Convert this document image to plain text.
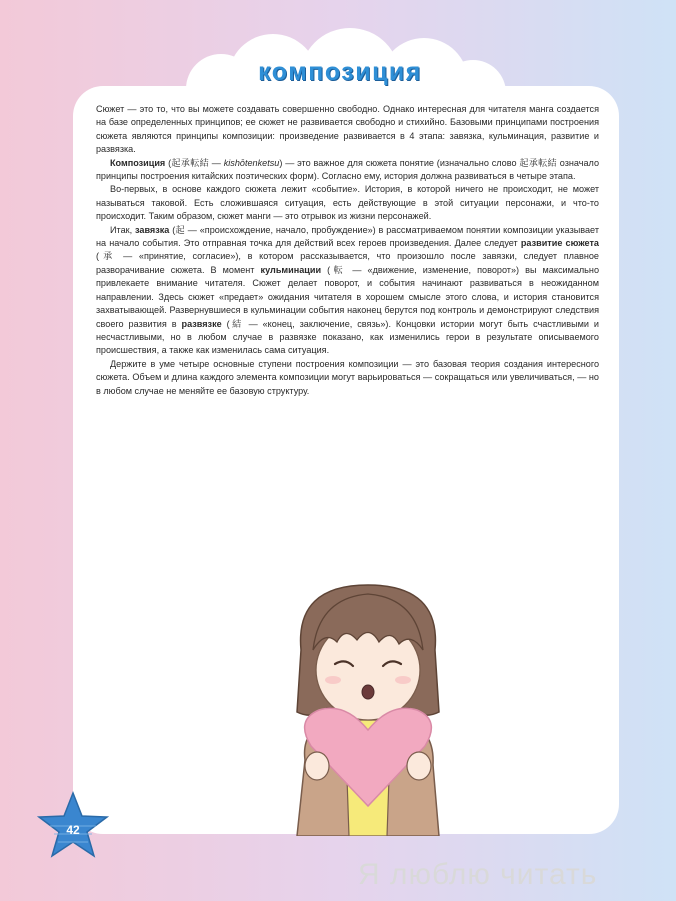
композиция

Сюжет — это то, что вы можете создавать совершенно свободно. Однако интересная для читателя манга создается на базе определенных принципов; ее сюжет не развивается свободно и стихийно. Базовыми принципами построения сюжета являются принципы композиции: произведение развивается в 4 этапа: завязка, кульминация, развитие и развязка.

Композиция (起承転結 — kishōtenketsu) — это важное для сюжета понятие (изначально слово 起承転結 означало принципы построения китайских поэтических форм). Согласно ему, история должна развиваться в четыре этапа.

Во-первых, в основе каждого сюжета лежит «событие». История, в которой ничего не происходит, не может называться таковой. Есть сложившаяся ситуация, есть действующие в этой ситуации персонажи, и что-то происходит. Таким образом, сюжет манги — это отрывок из жизни персонажей.

Итак, завязка (起 — «происхождение, начало, пробуждение») в рассматриваемом понятии композиции указывает на начало события. Это отправная точка для действий всех героев произведения. Далее следует развитие сюжета (承 — «принятие, согласие»), в котором рассказывается, что произошло после завязки, следует плавное разворачивание сюжета. В момент кульминации (転 — «движение, изменение, поворот») вы максимально привлекаете внимание читателя. Сюжет делает поворот, и события начинают развиваться в неожиданном направлении. Здесь сюжет «предает» ожидания читателя в хорошем смысле этого слова, и история становится захватывающей. Развернувшиеся в кульминации события наконец берутся под контроль и демонстрируют следствия своего развития в развязке (結 — «конец, заключение, связь»). Концовки истории могут быть счастливыми и несчастливыми, но в любом случае в развязке показано, как изменились герои в результате описываемого происшествия, а также как изменилась сама ситуация.

Держите в уме четыре основные ступени построения композиции — это базовая теория создания интересного сюжета. Объем и длина каждого элемента композиции могут варьироваться — сокращаться или увеличиваться, — но в любом случае не меняйте ее базовую структуру.

42
Я люблю читать
